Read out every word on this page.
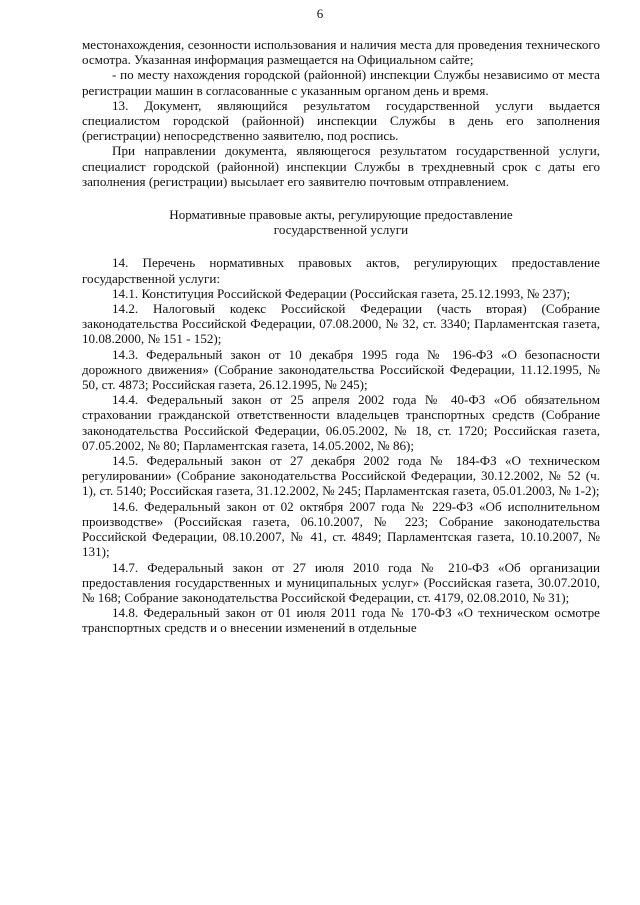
6

местонахождения, сезонности использования и наличия места для проведения технического осмотра. Указанная информация размещается на Официальном сайте;

- по месту нахождения городской (районной) инспекции Службы независимо от места регистрации машин в согласованные с указанным органом день и время.

13. Документ, являющийся результатом государственной услуги выдается специалистом городской (районной) инспекции Службы в день его заполнения (регистрации) непосредственно заявителю, под роспись.

При направлении документа, являющегося результатом государственной услуги, специалист городской (районной) инспекции Службы в трехдневный срок с даты его заполнения (регистрации) высылает его заявителю почтовым отправлением.

Нормативные правовые акты, регулирующие предоставление
государственной услуги

14. Перечень нормативных правовых актов, регулирующих предоставление государственной услуги:

14.1. Конституция Российской Федерации (Российская газета, 25.12.1993, № 237);

14.2. Налоговый кодекс Российской Федерации (часть вторая) (Собрание законодательства Российской Федерации, 07.08.2000, № 32, ст. 3340; Парламентская газета, 10.08.2000, № 151 - 152);

14.3. Федеральный закон от 10 декабря 1995 года № 196-ФЗ «О безопасности дорожного движения» (Собрание законодательства Российской Федерации, 11.12.1995, № 50, ст. 4873; Российская газета, 26.12.1995, № 245);

14.4. Федеральный закон от 25 апреля 2002 года № 40-ФЗ «Об обязательном страховании гражданской ответственности владельцев транспортных средств (Собрание законодательства Российской Федерации, 06.05.2002, № 18, ст. 1720; Российская газета, 07.05.2002, № 80; Парламентская газета, 14.05.2002, № 86);

14.5. Федеральный закон от 27 декабря 2002 года № 184-ФЗ «О техническом регулировании» (Собрание законодательства Российской Федерации, 30.12.2002, № 52 (ч. 1), ст. 5140; Российская газета, 31.12.2002, № 245; Парламентская газета, 05.01.2003, № 1-2);

14.6. Федеральный закон от 02 октября 2007 года № 229-ФЗ «Об исполнительном производстве» (Российская газета, 06.10.2007, № 223; Собрание законодательства Российской Федерации, 08.10.2007, № 41, ст. 4849; Парламентская газета, 10.10.2007, № 131);

14.7. Федеральный закон от 27 июля 2010 года № 210-ФЗ «Об организации предоставления государственных и муниципальных услуг» (Российская газета, 30.07.2010, № 168; Собрание законодательства Российской Федерации, ст. 4179, 02.08.2010, № 31);

14.8. Федеральный закон от 01 июля 2011 года № 170-ФЗ «О техническом осмотре транспортных средств и о внесении изменений в отдельные
